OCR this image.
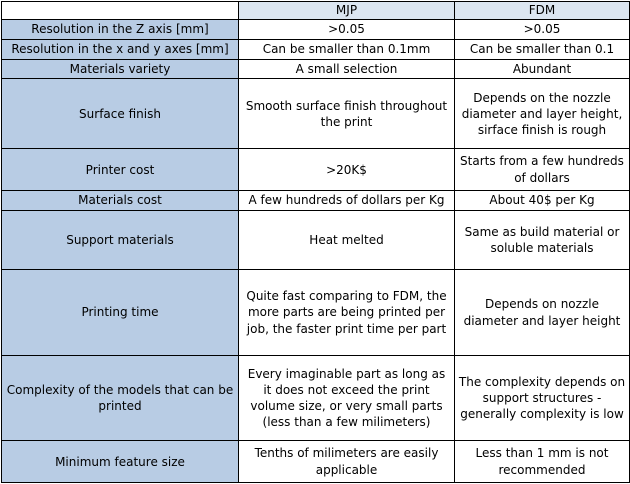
	MJP	FDM
Resolution in the Z axis [mm]	>0.05	>0.05
Resolution in the x and y axes [mm]	Can be smaller than 0.1mm	Can be smaller than 0.1
Materials variety	A small selection	Abundant
Surface finish	Smooth surface finish throughout the print	Depends on the nozzle diameter and layer height, sirface finish is rough
Printer cost	>20K$	Starts from a few hundreds of dollars
Materials cost	A few hundreds of dollars per Kg	About 40$ per Kg
Support materials	Heat melted	Same as build material or soluble materials
Printing time	Quite fast comparing to FDM, the more parts are being printed per job, the faster print time per part	Depends on nozzle diameter and layer height
Complexity of the models that can be printed	Every imaginable part as long as it does not exceed the print volume size, or very small parts (less than a few milimeters)	The complexity depends on support structures - generally complexity is low
Minimum feature size	Tenths of milimeters are easily applicable	Less than 1 mm is not recommended
